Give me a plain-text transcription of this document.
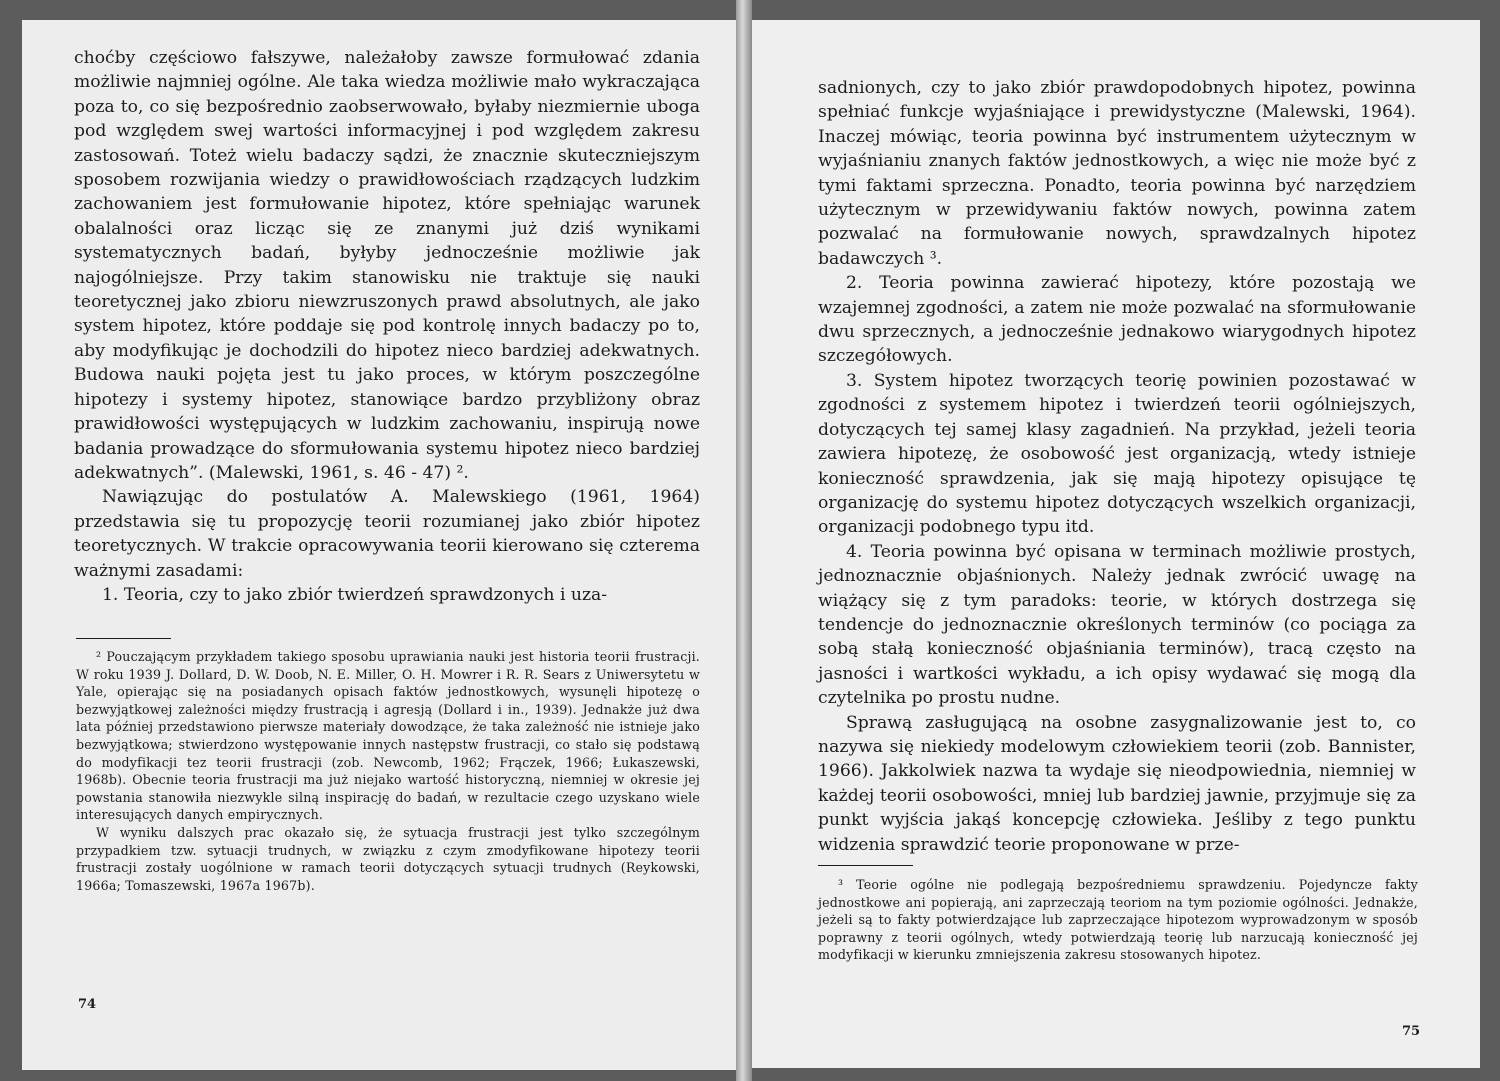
choćby częściowo fałszywe, należałoby zawsze formułować zdania możliwie najmniej ogólne. Ale taka wiedza możliwie mało wykraczająca poza to, co się bezpośrednio zaobserwowało, byłaby niezmiernie uboga pod względem swej wartości informacyjnej i pod względem zakresu zastosowań. Toteż wielu badaczy sądzi, że znacznie skuteczniejszym sposobem rozwijania wiedzy o prawidłowościach rządzących ludzkim zachowaniem jest formułowanie hipotez, które spełniając warunek obalalności oraz licząc się ze znanymi już dziś wynikami systematycznych badań, byłyby jednocześnie możliwie jak najogólniejsze. Przy takim stanowisku nie traktuje się nauki teoretycznej jako zbioru niewzruszonych prawd absolutnych, ale jako system hipotez, które poddaje się pod kontrolę innych badaczy po to, aby modyfikując je dochodzili do hipotez nieco bardziej adekwatnych. Budowa nauki pojęta jest tu jako proces, w którym poszczególne hipotezy i systemy hipotez, stanowiące bardzo przybliżony obraz prawidłowości występujących w ludzkim zachowaniu, inspirują nowe badania prowadzące do sformułowania systemu hipotez nieco bardziej adekwatnych”. (Malewski, 1961, s. 46 - 47) ².

Nawiązując do postulatów A. Malewskiego (1961, 1964) przedstawia się tu propozycję teorii rozumianej jako zbiór hipotez teoretycznych. W trakcie opracowywania teorii kierowano się czterema ważnymi zasadami:

1. Teoria, czy to jako zbiór twierdzeń sprawdzonych i uza-

² Pouczającym przykładem takiego sposobu uprawiania nauki jest historia teorii frustracji. W roku 1939 J. Dollard, D. W. Doob, N. E. Miller, O. H. Mowrer i R. R. Sears z Uniwersytetu w Yale, opierając się na posiadanych opisach faktów jednostkowych, wysunęli hipotezę o bezwyjątkowej zależności między frustracją i agresją (Dollard i in., 1939). Jednakże już dwa lata później przedstawiono pierwsze materiały dowodzące, że taka zależność nie istnieje jako bezwyjątkowa; stwierdzono występowanie innych następstw frustracji, co stało się podstawą do modyfikacji tez teorii frustracji (zob. Newcomb, 1962; Frączek, 1966; Łukaszewski, 1968b). Obecnie teoria frustracji ma już niejako wartość historyczną, niemniej w okresie jej powstania stanowiła niezwykle silną inspirację do badań, w rezultacie czego uzyskano wiele interesujących danych empirycznych.

W wyniku dalszych prac okazało się, że sytuacja frustracji jest tylko szczególnym przypadkiem tzw. sytuacji trudnych, w związku z czym zmodyfikowane hipotezy teorii frustracji zostały uogólnione w ramach teorii dotyczących sytuacji trudnych (Reykowski, 1966a; Tomaszewski, 1967a 1967b).

74

sadnionych, czy to jako zbiór prawdopodobnych hipotez, powinna spełniać funkcje wyjaśniające i prewidystyczne (Malewski, 1964). Inaczej mówiąc, teoria powinna być instrumentem użytecznym w wyjaśnianiu znanych faktów jednostkowych, a więc nie może być z tymi faktami sprzeczna. Ponadto, teoria powinna być narzędziem użytecznym w przewidywaniu faktów nowych, powinna zatem pozwalać na formułowanie nowych, sprawdzalnych hipotez badawczych ³.

2. Teoria powinna zawierać hipotezy, które pozostają we wzajemnej zgodności, a zatem nie może pozwalać na sformułowanie dwu sprzecznych, a jednocześnie jednakowo wiarygodnych hipotez szczegółowych.

3. System hipotez tworzących teorię powinien pozostawać w zgodności z systemem hipotez i twierdzeń teorii ogólniejszych, dotyczących tej samej klasy zagadnień. Na przykład, jeżeli teoria zawiera hipotezę, że osobowość jest organizacją, wtedy istnieje konieczność sprawdzenia, jak się mają hipotezy opisujące tę organizację do systemu hipotez dotyczących wszelkich organizacji, organizacji podobnego typu itd.

4. Teoria powinna być opisana w terminach możliwie prostych, jednoznacznie objaśnionych. Należy jednak zwrócić uwagę na wiążący się z tym paradoks: teorie, w których dostrzega się tendencje do jednoznacznie określonych terminów (co pociąga za sobą stałą konieczność objaśniania terminów), tracą często na jasności i wartkości wykładu, a ich opisy wydawać się mogą dla czytelnika po prostu nudne.

Sprawą zasługującą na osobne zasygnalizowanie jest to, co nazywa się niekiedy modelowym człowiekiem teorii (zob. Bannister, 1966). Jakkolwiek nazwa ta wydaje się nieodpowiednia, niemniej w każdej teorii osobowości, mniej lub bardziej jawnie, przyjmuje się za punkt wyjścia jakąś koncepcję człowieka. Jeśliby z tego punktu widzenia sprawdzić teorie proponowane w prze-

³ Teorie ogólne nie podlegają bezpośredniemu sprawdzeniu. Pojedyncze fakty jednostkowe ani popierają, ani zaprzeczają teoriom na tym poziomie ogólności. Jednakże, jeżeli są to fakty potwierdzające lub zaprzeczające hipotezom wyprowadzonym w sposób poprawny z teorii ogólnych, wtedy potwierdzają teorię lub narzucają konieczność jej modyfikacji w kierunku zmniejszenia zakresu stosowanych hipotez.

75
